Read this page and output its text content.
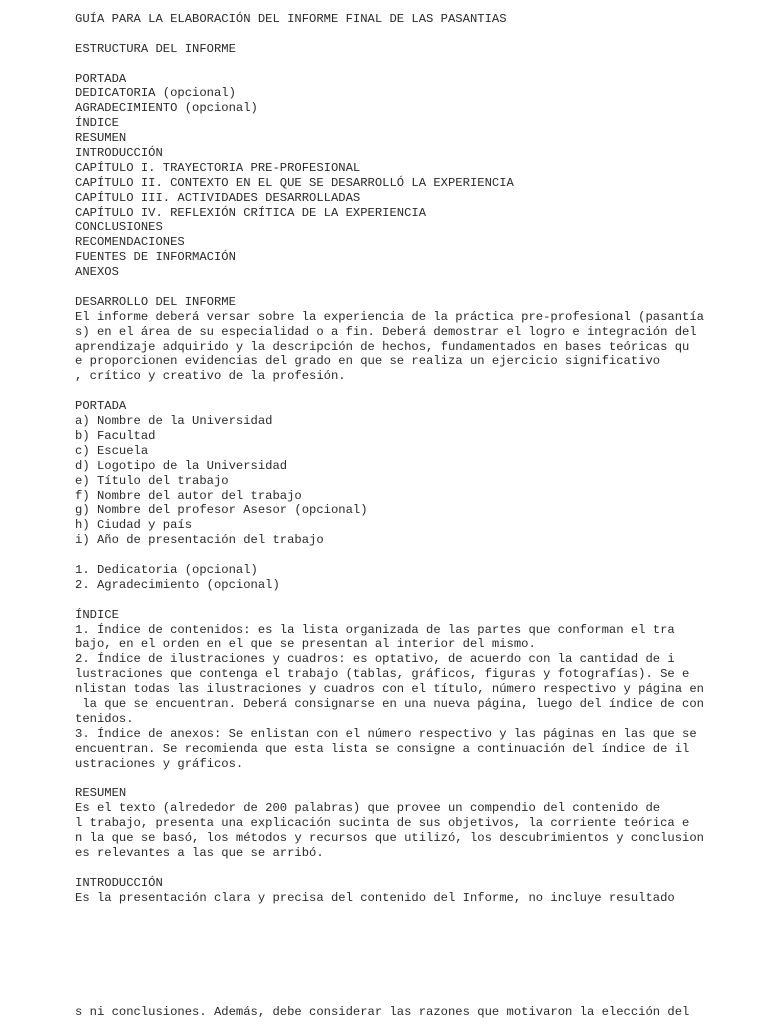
GUÍA PARA LA ELABORACIÓN DEL INFORME FINAL DE LAS PASANTIAS
ESTRUCTURA DEL INFORME
PORTADA
DEDICATORIA (opcional)
AGRADECIMIENTO (opcional)
ÍNDICE
RESUMEN
INTRODUCCIÓN
CAPÍTULO I. TRAYECTORIA PRE-PROFESIONAL
CAPÍTULO II. CONTEXTO EN EL QUE SE DESARROLLÓ LA EXPERIENCIA
CAPÍTULO III. ACTIVIDADES DESARROLLADAS
CAPÍTULO IV. REFLEXIÓN CRÍTICA DE LA EXPERIENCIA
CONCLUSIONES
RECOMENDACIONES
FUENTES DE INFORMACIÓN
ANEXOS
DESARROLLO DEL INFORME
El informe deberá versar sobre la experiencia de la práctica pre-profesional (pasantía
s) en el área de su especialidad o a fin. Deberá demostrar el logro e integración del
aprendizaje adquirido y la descripción de hechos, fundamentados en bases teóricas qu
e proporcionen evidencias del grado en que se realiza un ejercicio significativo
, crítico y creativo de la profesión.
PORTADA
a) Nombre de la Universidad
b) Facultad
c) Escuela
d) Logotipo de la Universidad
e) Título del trabajo
f) Nombre del autor del trabajo
g) Nombre del profesor Asesor (opcional)
h) Ciudad y país
i) Año de presentación del trabajo
1. Dedicatoria (opcional)
2. Agradecimiento (opcional)
ÍNDICE
1. Índice de contenidos: es la lista organizada de las partes que conforman el tra
bajo, en el orden en el que se presentan al interior del mismo.
2. Índice de ilustraciones y cuadros: es optativo, de acuerdo con la cantidad de i
lustraciones que contenga el trabajo (tablas, gráficos, figuras y fotografías). Se e
nlistan todas las ilustraciones y cuadros con el título, número respectivo y página en
la que se encuentran. Deberá consignarse en una nueva página, luego del índice de con
tenidos.
3. Índice de anexos: Se enlistan con el número respectivo y las páginas en las que se
encuentran. Se recomienda que esta lista se consigne a continuación del índice de il
ustraciones y gráficos.
RESUMEN
Es el texto (alrededor de 200 palabras) que provee un compendio del contenido de
l trabajo, presenta una explicación sucinta de sus objetivos, la corriente teórica e
n la que se basó, los métodos y recursos que utilizó, los descubrimientos y conclusion
es relevantes a las que se arribó.
INTRODUCCIÓN
Es la presentación clara y precisa del contenido del Informe, no incluye resultado
s ni conclusiones. Además, debe considerar las razones que motivaron la elección del
